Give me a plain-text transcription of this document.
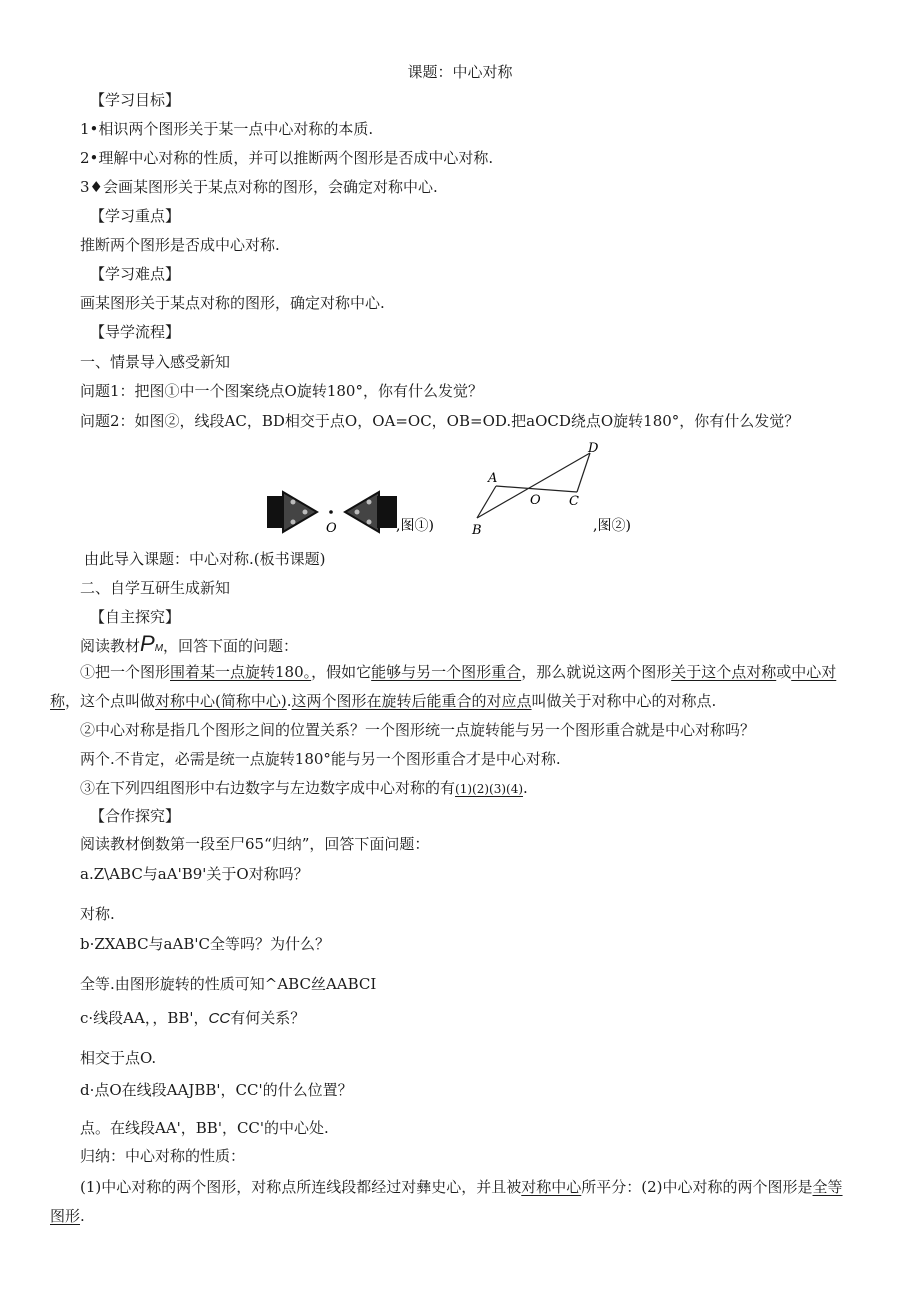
课题：中心对称
【学习目标】
1•相识两个图形关于某一点中心对称的本质.
2•理解中心对称的性质，并可以推断两个图形是否成中心对称.
3♦会画某图形关于某点对称的图形，会确定对称中心.
【学习重点】
推断两个图形是否成中心对称.
【学习难点】
画某图形关于某点对称的图形，确定对称中心.
【导学流程】
一、情景导入感受新知
问题1：把图①中一个图案绕点O旋转180°，你有什么发觉？
问题2：如图②，线段AC，BD相交于点O，OA=OC，OB=OD.把aOCD绕点O旋转180°，你有什么发觉？
O	,图①)
A
B
C
D
O
,图②)
由此导入课题：中心对称.(板书课题)
二、自学互研生成新知
【自主探究】
阅读教材PM，回答下面的问题：
①把一个图形围着某一点旋转180。，假如它能够与另一个图形重合，那么就说这两个图形关于这个点对称或中心对
称，这个点叫做对称中心(简称中心).这两个图形在旋转后能重合的对应点叫做关于对称中心的对称点.
②中心对称是指几个图形之间的位置关系？一个图形统一点旋转能与另一个图形重合就是中心对称吗？
两个.不肯定，必需是统一点旋转180°能与另一个图形重合才是中心对称.
③在下列四组图形中右边数字与左边数字成中心对称的有(1)(2)(3)(4).
【合作探究】
阅读教材倒数第一段至尸65“归纳”，回答下面问题：
a.Z\ABC与aA'B9'关于O对称吗？
对称.
b·ZXABC与aAB'C全等吗？为什么？
全等.由图形旋转的性质可知^ABC丝AABCI
c·线段AA，，BB'，CC有何关系？
相交于点O.
d·点O在线段AAJBB'，CC'的什么位置？
点。在线段AA'，BB'，CC'的中心处.
归纳：中心对称的性质：
(1)中心对称的两个图形，对称点所连线段都经过对彝史心，并且被对称中心所平分：(2)中心对称的两个图形是全等
图形.
